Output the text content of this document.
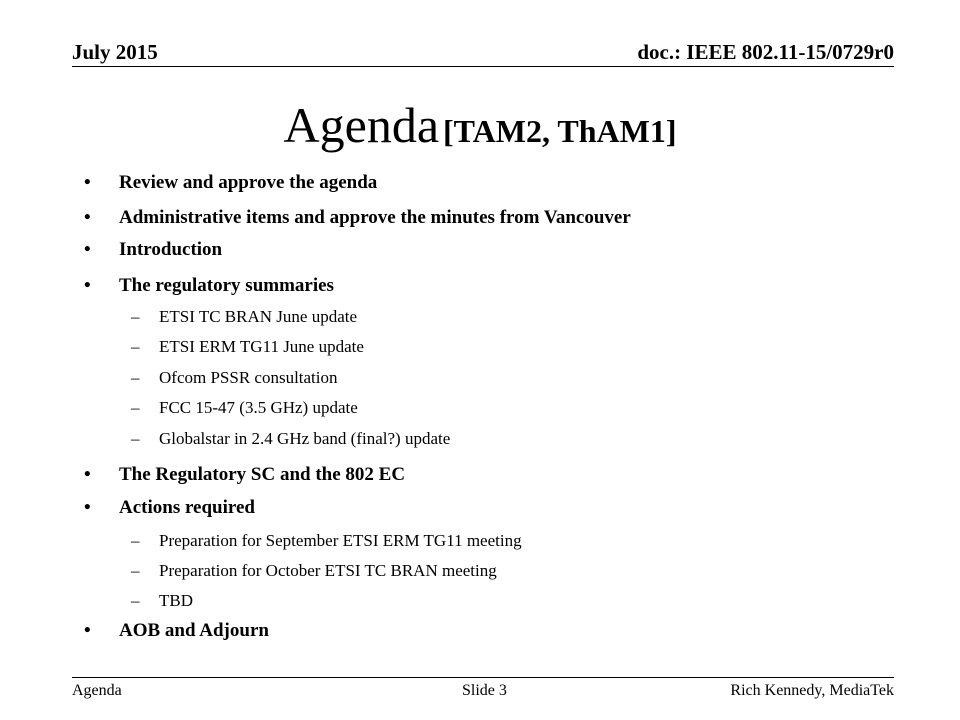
July 2015	doc.: IEEE 802.11-15/0729r0
Agenda [TAM2, ThAM1]
• Review and approve the agenda
• Administrative items and approve the minutes from Vancouver
• Introduction
• The regulatory summaries
– ETSI TC BRAN June update
– ETSI ERM TG11 June update
– Ofcom PSSR consultation
– FCC 15-47 (3.5 GHz) update
– Globalstar in 2.4 GHz band (final?) update
• The Regulatory SC and the 802 EC
• Actions required
– Preparation for September ETSI ERM TG11 meeting
– Preparation for October ETSI TC BRAN meeting
– TBD
• AOB and Adjourn
Agenda	Slide 3	Rich Kennedy, MediaTek
